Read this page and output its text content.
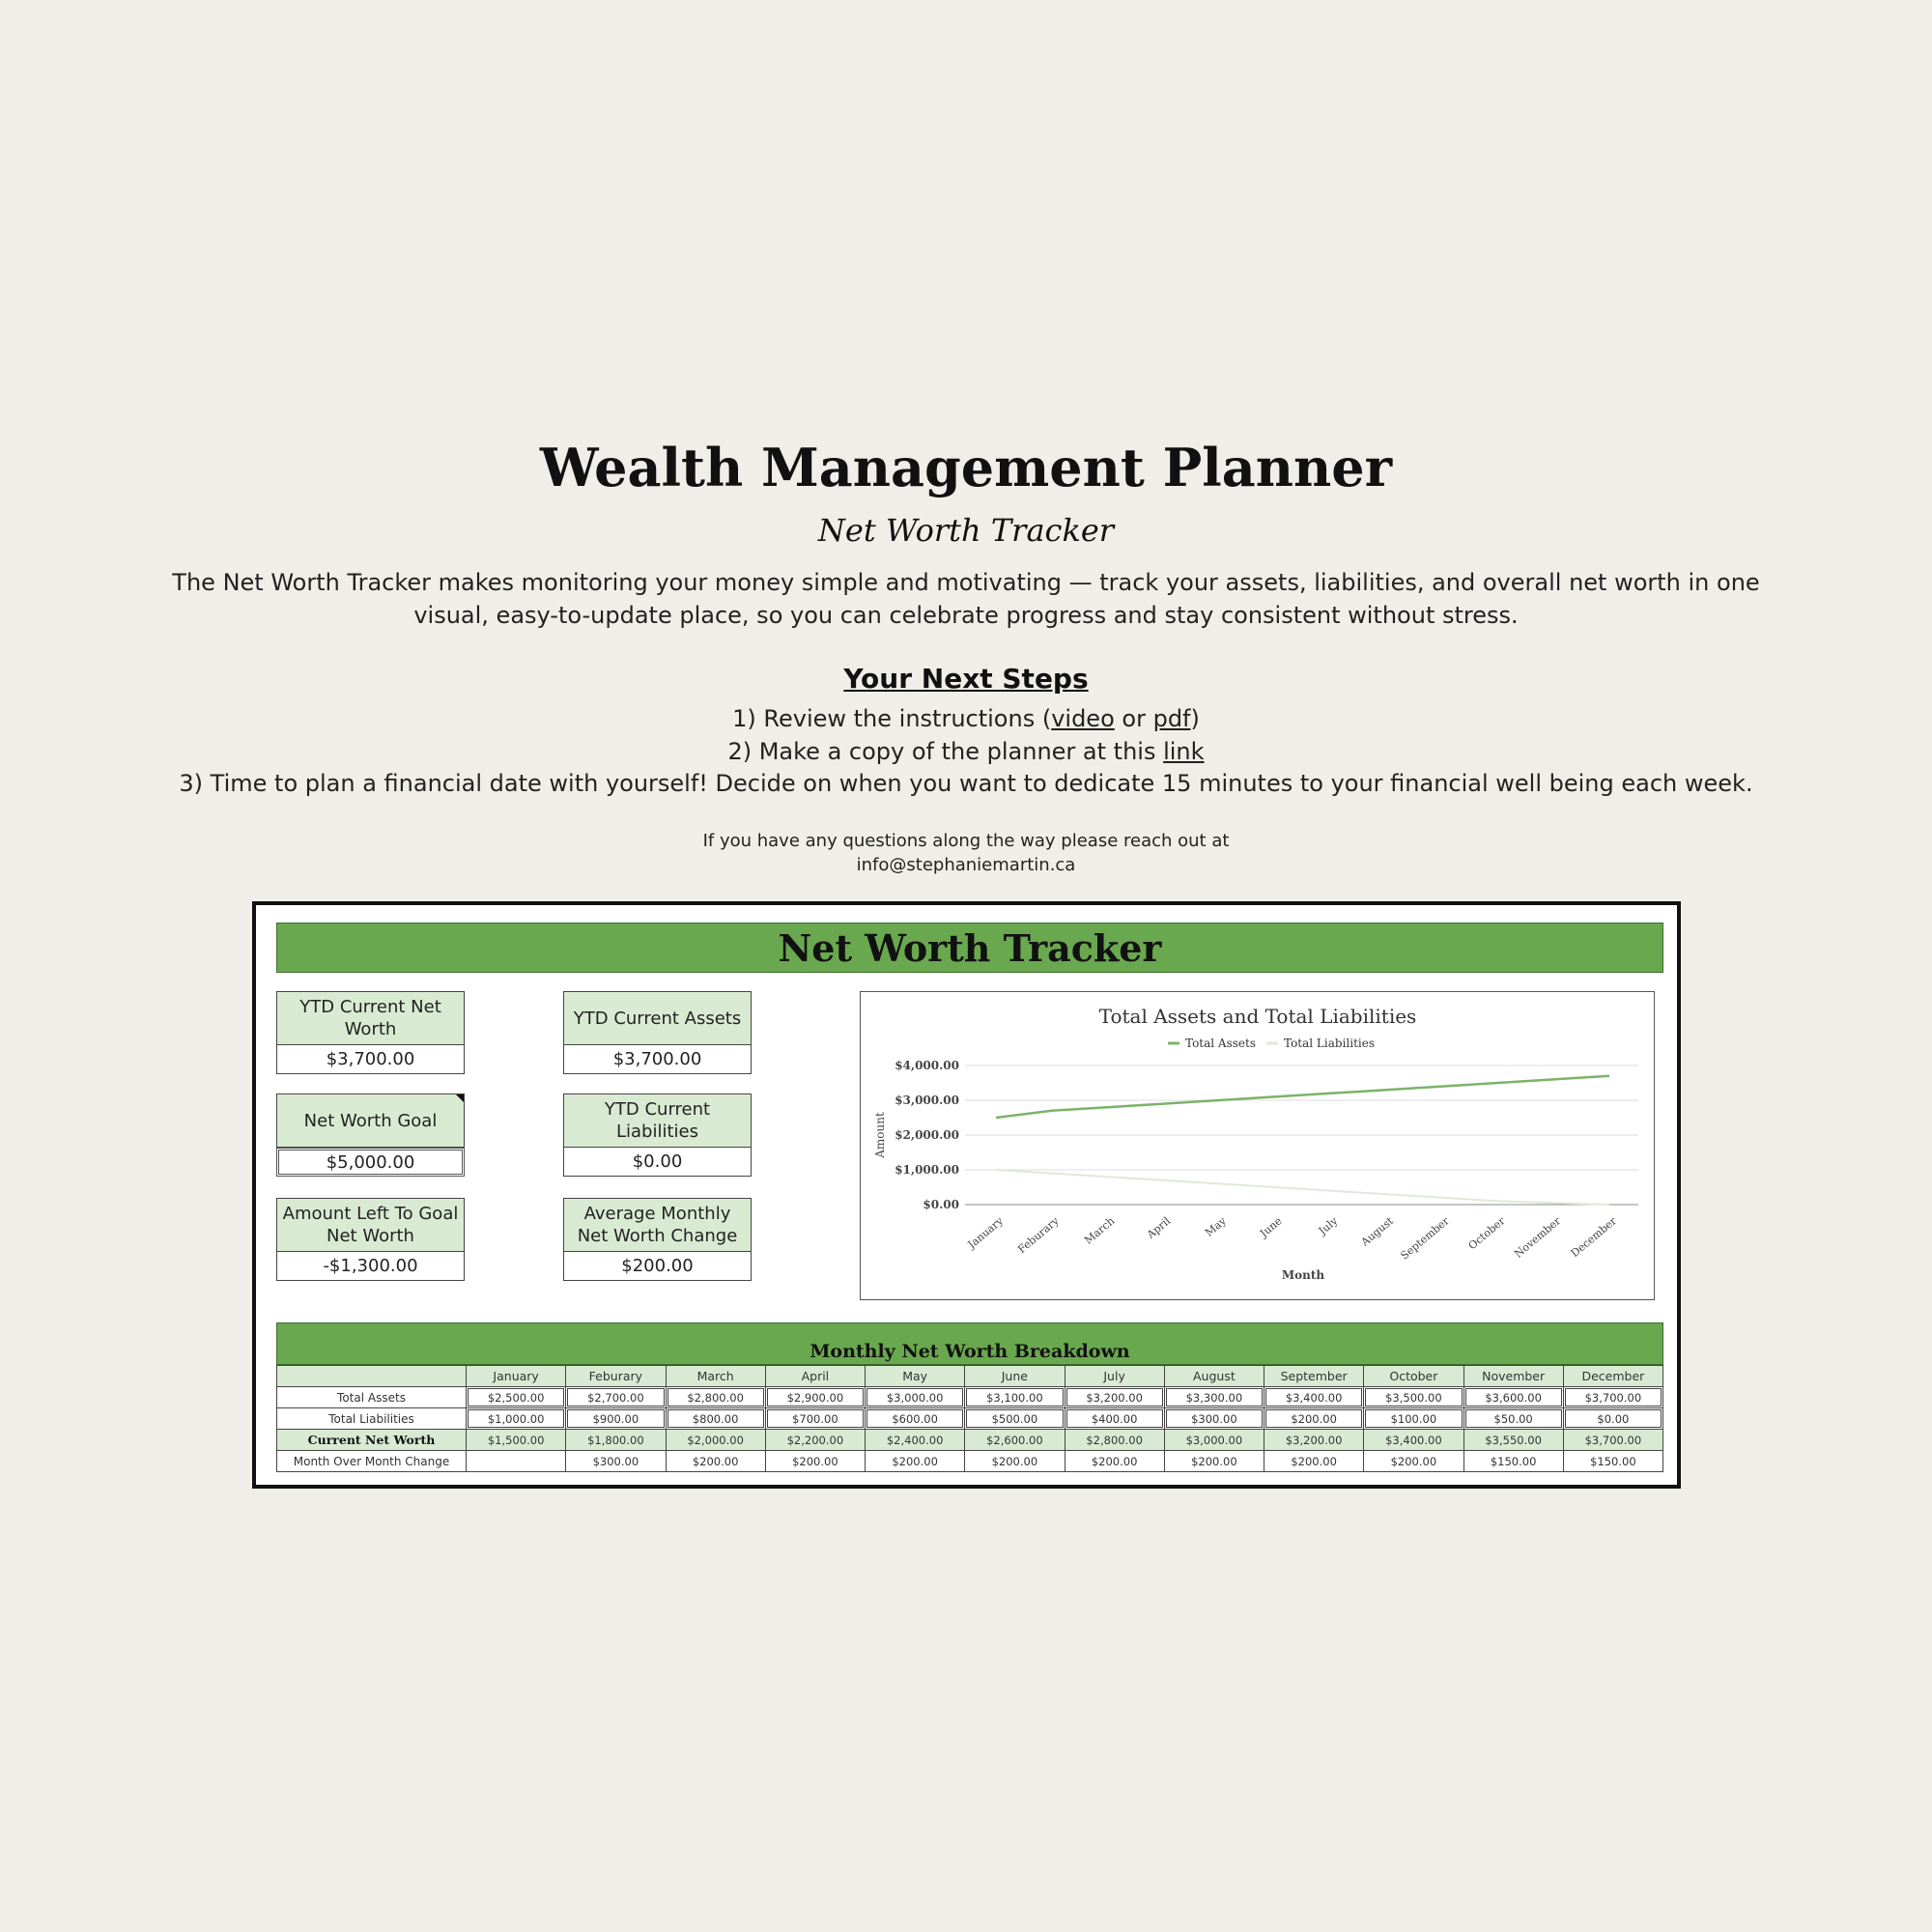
Wealth Management Planner
Net Worth Tracker
The Net Worth Tracker makes monitoring your money simple and motivating — track your assets, liabilities, and overall net worth in one visual, easy-to-update place, so you can celebrate progress and stay consistent without stress.
Your Next Steps
1) Review the instructions (video or pdf)
2) Make a copy of the planner at this link
3) Time to plan a financial date with yourself! Decide on when you want to dedicate 15 minutes to your financial well being each week.
If you have any questions along the way please reach out at
info@stephaniemartin.ca
Net Worth Tracker
YTD Current Net Worth
$3,700.00
YTD Current Assets
$3,700.00
Net Worth Goal
$5,000.00
YTD Current Liabilities
$0.00
Amount Left To Goal Net Worth
-$1,300.00
Average Monthly Net Worth Change
$200.00
Total Assets and Total Liabilities
Total Assets Total Liabilities
$0.00
$1,000.00
$2,000.00
$3,000.00
$4,000.00
Amount
January Feburary March	April	May	June	July August September October November December
Month
Monthly Net Worth Breakdown
	January	Feburary	March	April	May	June	July	August	September	October	November	December
Total Assets	$2,500.00	$2,700.00	$2,800.00	$2,900.00	$3,000.00	$3,100.00	$3,200.00	$3,300.00	$3,400.00	$3,500.00	$3,600.00	$3,700.00
Total Liabilities	$1,000.00	$900.00	$800.00	$700.00	$600.00	$500.00	$400.00	$300.00	$200.00	$100.00	$50.00	$0.00
Current Net Worth	$1,500.00	$1,800.00	$2,000.00	$2,200.00	$2,400.00	$2,600.00	$2,800.00	$3,000.00	$3,200.00	$3,400.00	$3,550.00	$3,700.00
Month Over Month Change		$300.00	$200.00	$200.00	$200.00	$200.00	$200.00	$200.00	$200.00	$200.00	$150.00	$150.00
